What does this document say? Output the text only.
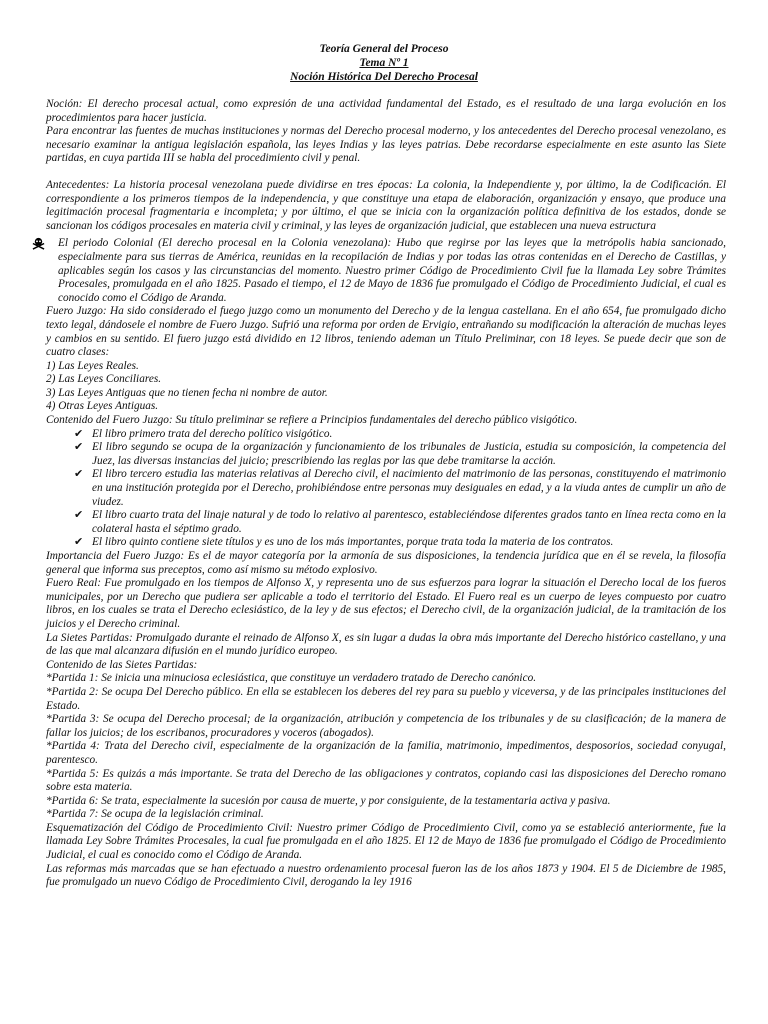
Teoría General del Proceso
Tema Nº 1
Noción Histórica Del Derecho Procesal

Noción: El derecho procesal actual, como expresión de una actividad fundamental del Estado, es el resultado de una larga evolución en los procedimientos para hacer justicia.

Para encontrar las fuentes de muchas instituciones y normas del Derecho procesal moderno, y los antecedentes del Derecho procesal venezolano, es necesario examinar la antigua legislación española, las leyes Indias y las leyes patrias. Debe recordarse especialmente en este asunto las Siete partidas, en cuya partida III se habla del procedimiento civil y penal.

Antecedentes: La historia procesal venezolana puede dividirse en tres épocas: La colonia, la Independiente y, por último, la de Codificación. El correspondiente a los primeros tiempos de la independencia, y que constituye una etapa de elaboración, organización y ensayo, que produce una legitimación procesal fragmentaria e incompleta; y por último, el que se inicia con la organización política definitiva de los estados, donde se sancionan los códigos procesales en materia civil y criminal, y las leyes de organización judicial, que establecen una nueva estructura

El periodo Colonial (El derecho procesal en la Colonia venezolana): Hubo que regirse por las leyes que la metrópolis habia sancionado, especialmente para sus tierras de América, reunidas en la recopilación de Indias y por todas las otras contenidas en el Derecho de Castillas, y aplicables según los casos y las circunstancias del momento. Nuestro primer Código de Procedimiento Civil fue la llamada Ley sobre Trámites Procesales, promulgada en el año 1825. Pasado el tiempo, el 12 de Mayo de 1836 fue promulgado el Código de Procedimiento Judicial, el cual es conocido como el Código de Aranda.

Fuero Juzgo: Ha sido considerado el fuego juzgo como un monumento del Derecho y de la lengua castellana. En el año 654, fue promulgado dicho texto legal, dándosele el nombre de Fuero Juzgo. Sufrió una reforma por orden de Ervigio, entrañando su modificación la alteración de muchas leyes y cambios en su sentido. El fuero juzgo está dividido en 12 libros, teniendo ademan un Título Preliminar, con 18 leyes. Se puede decir que son de cuatro clases:

1) Las Leyes Reales.

2) Las Leyes Conciliares.

3) Las Leyes Antiguas que no tienen fecha ni nombre de autor.

4) Otras Leyes Antiguas.

Contenido del Fuero Juzgo: Su título preliminar se refiere a Principios fundamentales del derecho público visigótico.

✔ El libro primero trata del derecho político visigótico.
✔ El libro segundo se ocupa de la organización y funcionamiento de los tribunales de Justicia, estudia su composición, la competencia del Juez, las diversas instancias del juicio; prescribiendo las reglas por las que debe tramitarse la acción.
✔ El libro tercero estudia las materias relativas al Derecho civil, el nacimiento del matrimonio de las personas, constituyendo el matrimonio en una institución protegida por el Derecho, prohibiéndose entre personas muy desiguales en edad, y a la viuda antes de cumplir un año de viudez.
✔ El libro cuarto trata del linaje natural y de todo lo relativo al parentesco, estableciéndose diferentes grados tanto en línea recta como en la colateral hasta el séptimo grado.
✔ El libro quinto contiene siete títulos y es uno de los más importantes, porque trata toda la materia de los contratos.

Importancia del Fuero Juzgo: Es el de mayor categoría por la armonía de sus disposiciones, la tendencia jurídica que en él se revela, la filosofía general que informa sus preceptos, como así mismo su método explosivo.

Fuero Real: Fue promulgado en los tiempos de Alfonso X, y representa uno de sus esfuerzos para lograr la situación el Derecho local de los fueros municipales, por un Derecho que pudiera ser aplicable a todo el territorio del Estado. El Fuero real es un cuerpo de leyes compuesto por cuatro libros, en los cuales se trata el Derecho eclesiástico, de la ley y de sus efectos; el Derecho civil, de la organización judicial, de la tramitación de los juicios y el Derecho criminal.

La Sietes Partidas: Promulgado durante el reinado de Alfonso X, es sin lugar a dudas la obra más importante del Derecho histórico castellano, y una de las que mal alcanzara difusión en el mundo jurídico europeo.

Contenido de las Sietes Partidas:

*Partida 1: Se inicia una minuciosa eclesiástica, que constituye un verdadero tratado de Derecho canónico.

*Partida 2: Se ocupa Del Derecho público. En ella se establecen los deberes del rey para su pueblo y viceversa, y de las principales instituciones del Estado.

*Partida 3: Se ocupa del Derecho procesal; de la organización, atribución y competencia de los tribunales y de su clasificación; de la manera de fallar los juicios; de los escribanos, procuradores y voceros (abogados).

*Partida 4: Trata del Derecho civil, especialmente de la organización de la familia, matrimonio, impedimentos, desposorios, sociedad conyugal, parentesco.

*Partida 5: Es quizás a más importante. Se trata del Derecho de las obligaciones y contratos, copiando casi las disposiciones del Derecho romano sobre esta materia.

*Partida 6: Se trata, especialmente la sucesión por causa de muerte, y por consiguiente, de la testamentaria activa y pasiva.

*Partida 7: Se ocupa de la legislación criminal.

Esquematización del Código de Procedimiento Civil: Nuestro primer Código de Procedimiento Civil, como ya se estableció anteriormente, fue la llamada Ley Sobre Trámites Procesales, la cual fue promulgada en el año 1825. El 12 de Mayo de 1836 fue promulgado el Código de Procedimiento Judicial, el cual es conocido como el Código de Aranda.

Las reformas más marcadas que se han efectuado a nuestro ordenamiento procesal fueron las de los años 1873 y 1904. El 5 de Diciembre de 1985, fue promulgado un nuevo Código de Procedimiento Civil, derogando la ley 1916
